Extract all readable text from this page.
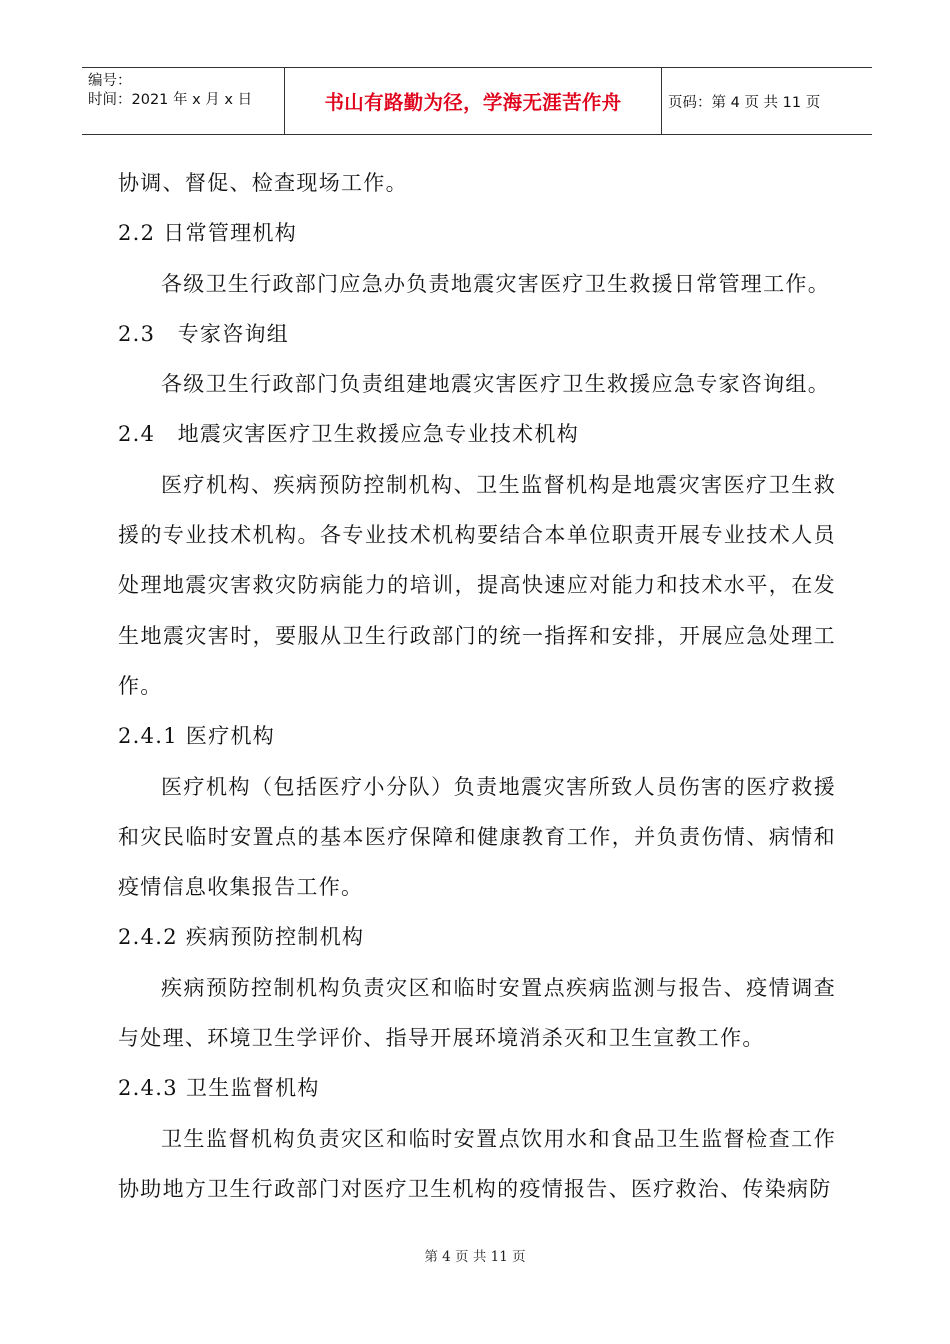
编号：
时间：2021 年 x 月 x 日	书山有路勤为径，学海无涯苦作舟	页码：第 4 页 共 11 页

协调、督促、检查现场工作。

2.2 日常管理机构

各级卫生行政部门应急办负责地震灾害医疗卫生救援日常管理工作。

2.3　专家咨询组

各级卫生行政部门负责组建地震灾害医疗卫生救援应急专家咨询组。

2.4　地震灾害医疗卫生救援应急专业技术机构

医疗机构、疾病预防控制机构、卫生监督机构是地震灾害医疗卫生救援的专业技术机构。各专业技术机构要结合本单位职责开展专业技术人员处理地震灾害救灾防病能力的培训，提高快速应对能力和技术水平，在发生地震灾害时，要服从卫生行政部门的统一指挥和安排，开展应急处理工作。

2.4.1 医疗机构

医疗机构（包括医疗小分队）负责地震灾害所致人员伤害的医疗救援和灾民临时安置点的基本医疗保障和健康教育工作，并负责伤情、病情和疫情信息收集报告工作。

2.4.2 疾病预防控制机构

疾病预防控制机构负责灾区和临时安置点疾病监测与报告、疫情调查与处理、环境卫生学评价、指导开展环境消杀灭和卫生宣教工作。

2.4.3 卫生监督机构

卫生监督机构负责灾区和临时安置点饮用水和食品卫生监督检查工作协助地方卫生行政部门对医疗卫生机构的疫情报告、医疗救治、传染病防

第 4 页 共 11 页
